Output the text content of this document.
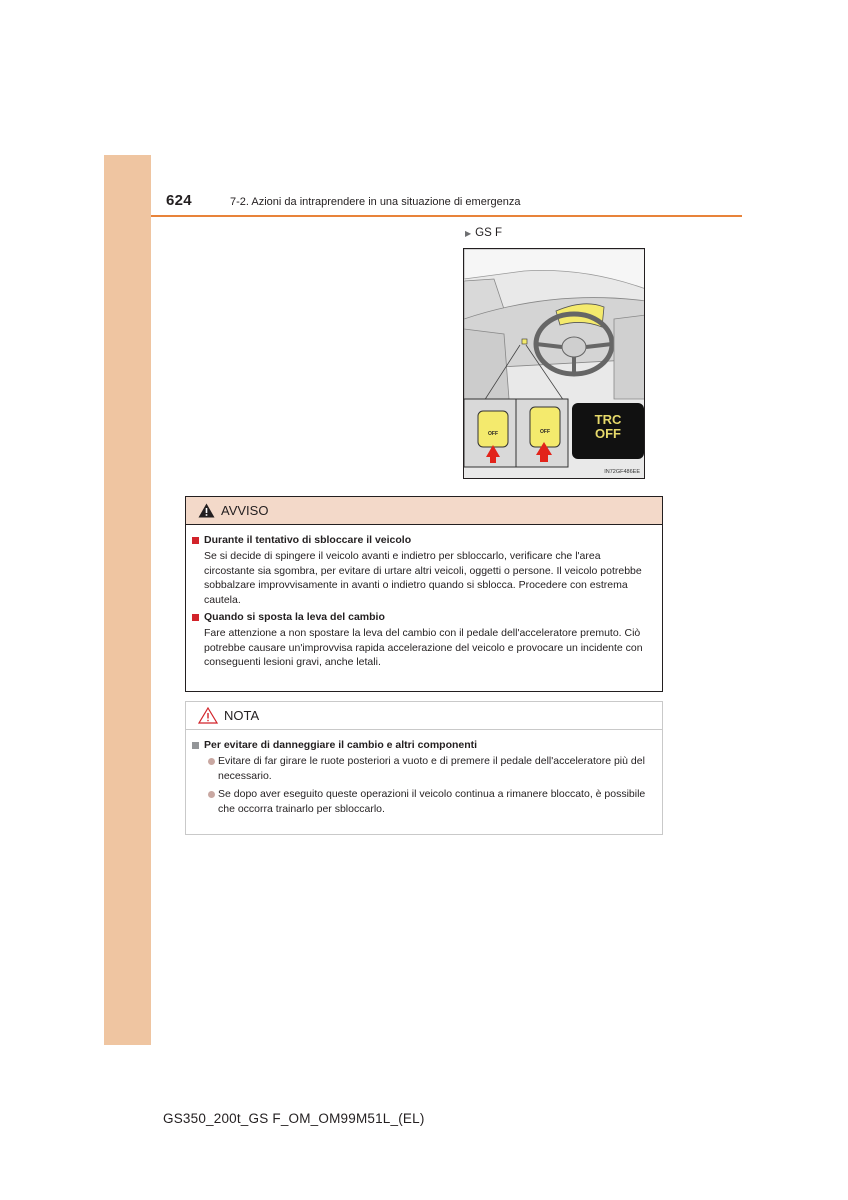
624	7-2. Azioni da intraprendere in una situazione di emergenza
▶ GS F
TRC
OFF
OFF	OFF
IN72GF486EE
AVVISO
Durante il tentativo di sbloccare il veicolo
Se si decide di spingere il veicolo avanti e indietro per sbloccarlo, verificare che l'area circostante sia sgombra, per evitare di urtare altri veicoli, oggetti o persone. Il veicolo potrebbe sobbalzare improvvisamente in avanti o indietro quando si sblocca. Procedere con estrema cautela.
Quando si sposta la leva del cambio
Fare attenzione a non spostare la leva del cambio con il pedale dell'acceleratore premuto. Ciò potrebbe causare un'improvvisa rapida accelerazione del veicolo e provocare un incidente con conseguenti lesioni gravi, anche letali.
NOTA
Per evitare di danneggiare il cambio e altri componenti
Evitare di far girare le ruote posteriori a vuoto e di premere il pedale dell'acceleratore più del necessario.
Se dopo aver eseguito queste operazioni il veicolo continua a rimanere bloccato, è possibile che occorra trainarlo per sbloccarlo.
GS350_200t_GS F_OM_OM99M51L_(EL)
